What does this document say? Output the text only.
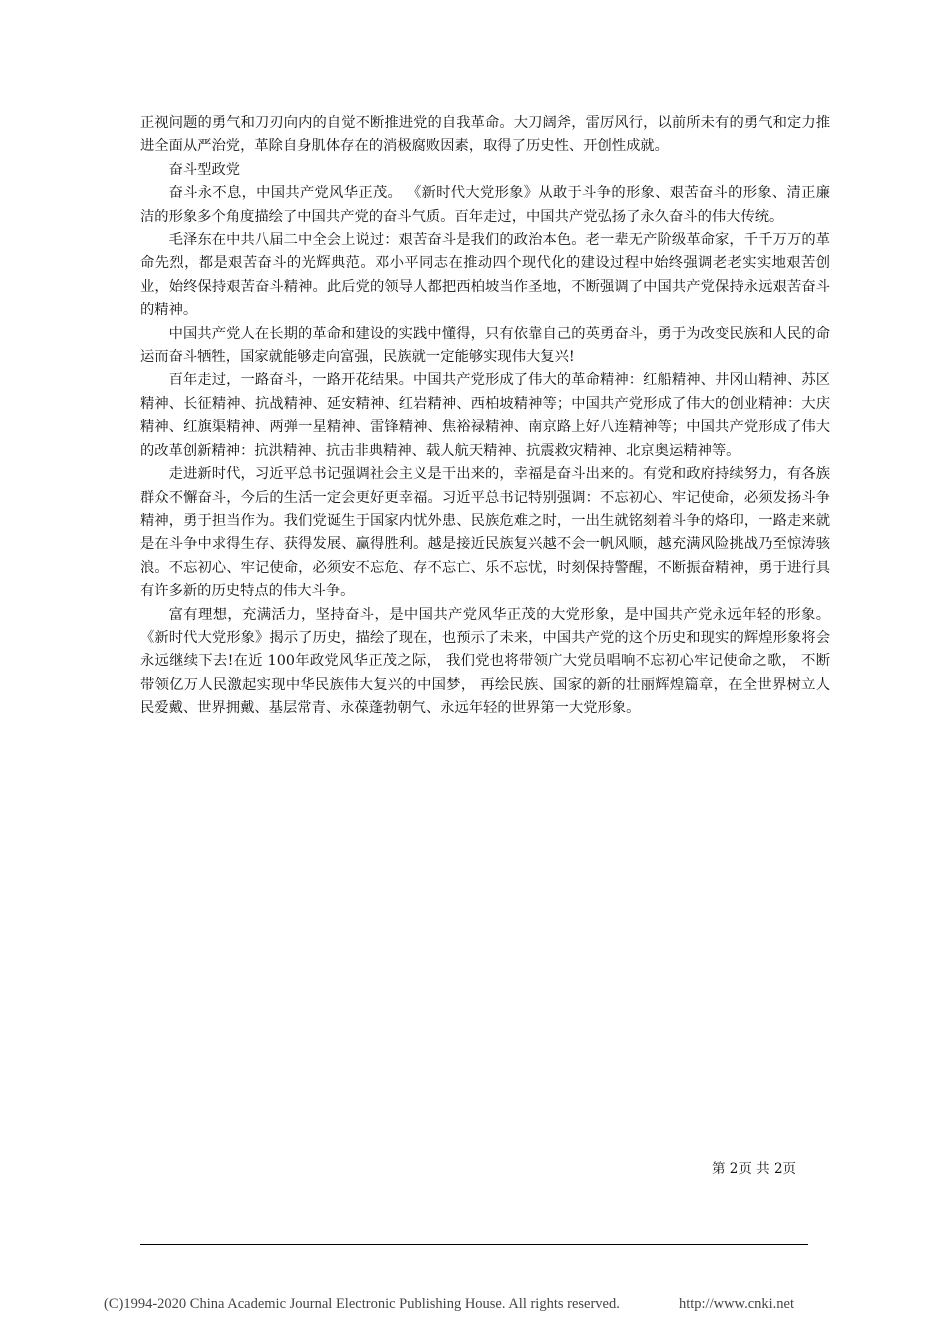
正视问题的勇气和刀刃向内的自觉不断推进党的自我革命。大刀阔斧，雷厉风行，以前所未有的勇气和定力推进全面从严治党，革除自身肌体存在的消极腐败因素，取得了历史性、开创性成就。

奋斗型政党

奋斗永不息，中国共产党风华正茂。 《新时代大党形象》从敢于斗争的形象、艰苦奋斗的形象、清正廉洁的形象多个角度描绘了中国共产党的奋斗气质。百年走过，中国共产党弘扬了永久奋斗的伟大传统。

毛泽东在中共八届二中全会上说过：艰苦奋斗是我们的政治本色。老一辈无产阶级革命家，千千万万的革命先烈，都是艰苦奋斗的光辉典范。邓小平同志在推动四个现代化的建设过程中始终强调老老实实地艰苦创业，始终保持艰苦奋斗精神。此后党的领导人都把西柏坡当作圣地，不断强调了中国共产党保持永远艰苦奋斗的精神。

中国共产党人在长期的革命和建设的实践中懂得，只有依靠自己的英勇奋斗，勇于为改变民族和人民的命运而奋斗牺牲，国家就能够走向富强，民族就一定能够实现伟大复兴!

百年走过，一路奋斗，一路开花结果。中国共产党形成了伟大的革命精神：红船精神、井冈山精神、苏区精神、长征精神、抗战精神、延安精神、红岩精神、西柏坡精神等；中国共产党形成了伟大的创业精神：大庆精神、红旗渠精神、两弹一星精神、雷锋精神、焦裕禄精神、南京路上好八连精神等；中国共产党形成了伟大的改革创新精神：抗洪精神、抗击非典精神、载人航天精神、抗震救灾精神、北京奥运精神等。

走进新时代，习近平总书记强调社会主义是干出来的，幸福是奋斗出来的。有党和政府持续努力，有各族群众不懈奋斗，今后的生活一定会更好更幸福。习近平总书记特别强调：不忘初心、牢记使命，必须发扬斗争精神，勇于担当作为。我们党诞生于国家内忧外患、民族危难之时，一出生就铭刻着斗争的烙印，一路走来就是在斗争中求得生存、获得发展、赢得胜利。越是接近民族复兴越不会一帆风顺，越充满风险挑战乃至惊涛骇浪。不忘初心、牢记使命，必须安不忘危、存不忘亡、乐不忘忧，时刻保持警醒，不断振奋精神，勇于进行具有许多新的历史特点的伟大斗争。

富有理想，充满活力，坚持奋斗，是中国共产党风华正茂的大党形象，是中国共产党永远年轻的形象。 《新时代大党形象》揭示了历史，描绘了现在，也预示了未来，中国共产党的这个历史和现实的辉煌形象将会永远继续下去!在近 100年政党风华正茂之际， 我们党也将带领广大党员唱响不忘初心牢记使命之歌， 不断带领亿万人民激起实现中华民族伟大复兴的中国梦， 再绘民族、国家的新的壮丽辉煌篇章，在全世界树立人民爱戴、世界拥戴、基层常青、永葆蓬勃朝气、永远年轻的世界第一大党形象。

第 2页 共 2页
(C)1994-2020 China Academic Journal Electronic Publishing House. All rights reserved.	http://www.cnki.net
